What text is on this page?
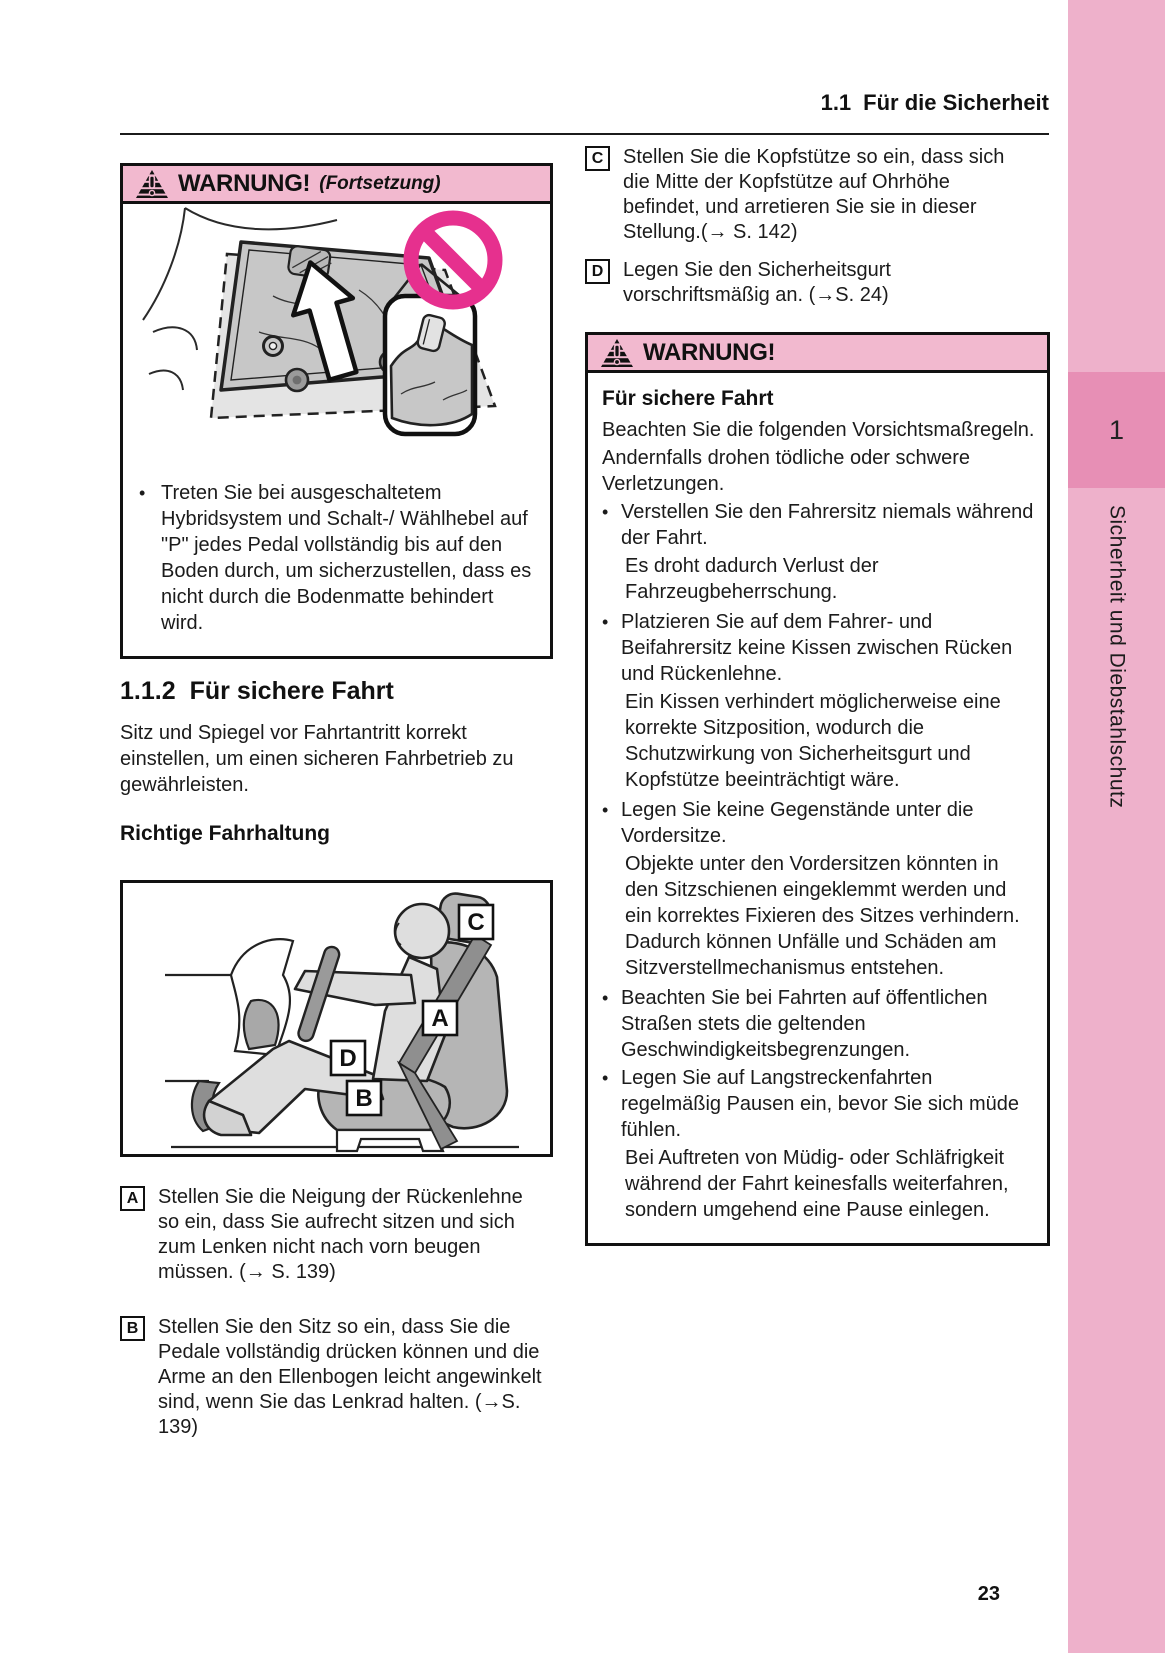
1.1 Für die Sicherheit
1
Sicherheit und Diebstahlschutz
WARNUNG! (Fortsetzung)
• Treten Sie bei ausgeschaltetem Hybridsystem und Schalt-/ Wählhebel auf "P" jedes Pedal vollständig bis auf den Boden durch, um sicherzustellen, dass es nicht durch die Bodenmatte behindert wird.
1.1.2 Für sichere Fahrt
Sitz und Spiegel vor Fahrtantritt korrekt einstellen, um einen sicheren Fahrbetrieb zu gewährleisten.
Richtige Fahrhaltung
C
A
D
B
A Stellen Sie die Neigung der Rückenlehne so ein, dass Sie aufrecht sitzen und sich zum Lenken nicht nach vorn beugen müssen. (→ S. 139)
B Stellen Sie den Sitz so ein, dass Sie die Pedale vollständig drücken können und die Arme an den Ellenbogen leicht angewinkelt sind, wenn Sie das Lenkrad halten. (→S. 139)
C Stellen Sie die Kopfstütze so ein, dass sich die Mitte der Kopfstütze auf Ohrhöhe befindet, und arretieren Sie sie in dieser Stellung.(→ S. 142)
D Legen Sie den Sicherheitsgurt vorschriftsmäßig an. (→S. 24)
WARNUNG!
Für sichere Fahrt

Beachten Sie die folgenden Vorsichtsmaßregeln.

Andernfalls drohen tödliche oder schwere Verletzungen.

• Verstellen Sie den Fahrersitz niemals während der Fahrt.
Es droht dadurch Verlust der Fahrzeugbeherrschung.
• Platzieren Sie auf dem Fahrer- und Beifahrersitz keine Kissen zwischen Rücken und Rückenlehne.
Ein Kissen verhindert möglicherweise eine korrekte Sitzposition, wodurch die Schutzwirkung von Sicherheitsgurt und Kopfstütze beeinträchtigt wäre.
• Legen Sie keine Gegenstände unter die Vordersitze.
Objekte unter den Vordersitzen könnten in den Sitzschienen eingeklemmt werden und ein korrektes Fixieren des Sitzes verhindern. Dadurch können Unfälle und Schäden am Sitzverstellmechanismus entstehen.
• Beachten Sie bei Fahrten auf öffentlichen Straßen stets die geltenden Geschwindigkeitsbegrenzungen.
• Legen Sie auf Langstreckenfahrten regelmäßig Pausen ein, bevor Sie sich müde fühlen.
Bei Auftreten von Müdig- oder Schläfrigkeit während der Fahrt keinesfalls weiterfahren, sondern umgehend eine Pause einlegen.
23
